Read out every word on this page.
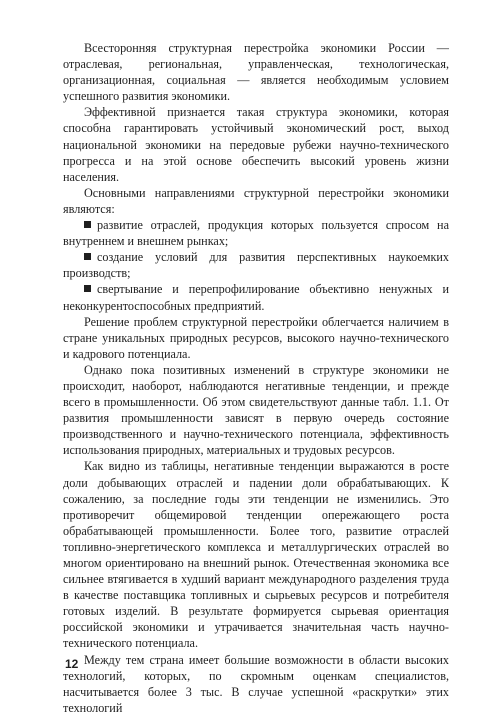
Всесторонняя структурная перестройка экономики России — отраслевая, региональная, управленческая, технологическая, организационная, социальная — является необходимым условием успешного развития экономики.

Эффективной признается такая структура экономики, которая способна гарантировать устойчивый экономический рост, выход национальной экономики на передовые рубежи научно-технического прогресса и на этой основе обеспечить высокий уровень жизни населения.

Основными направлениями структурной перестройки экономики являются:

развитие отраслей, продукция которых пользуется спросом на внутреннем и внешнем рынках;

создание условий для развития перспективных наукоемких производств;

свертывание и перепрофилирование объективно ненужных и неконкурентоспособных предприятий.

Решение проблем структурной перестройки облегчается наличием в стране уникальных природных ресурсов, высокого научно-технического и кадрового потенциала.

Однако пока позитивных изменений в структуре экономики не происходит, наоборот, наблюдаются негативные тенденции, и прежде всего в промышленности. Об этом свидетельствуют данные табл. 1.1. От развития промышленности зависят в первую очередь состояние производственного и научно-технического потенциала, эффективность использования природных, материальных и трудовых ресурсов.

Как видно из таблицы, негативные тенденции выражаются в росте доли добывающих отраслей и падении доли обрабатывающих. К сожалению, за последние годы эти тенденции не изменились. Это противоречит общемировой тенденции опережающего роста обрабатывающей промышленности. Более того, развитие отраслей топливно-энергетического комплекса и металлургических отраслей во многом ориентировано на внешний рынок. Отечественная экономика все сильнее втягивается в худший вариант международного разделения труда в качестве поставщика топливных и сырьевых ресурсов и потребителя готовых изделий. В результате формируется сырьевая ориентация российской экономики и утрачивается значительная часть научно-технического потенциала.

Между тем страна имеет большие возможности в области высоких технологий, которых, по скромным оценкам специалистов, насчитывается более 3 тыс. В случае успешной «раскрутки» этих технологий

12
